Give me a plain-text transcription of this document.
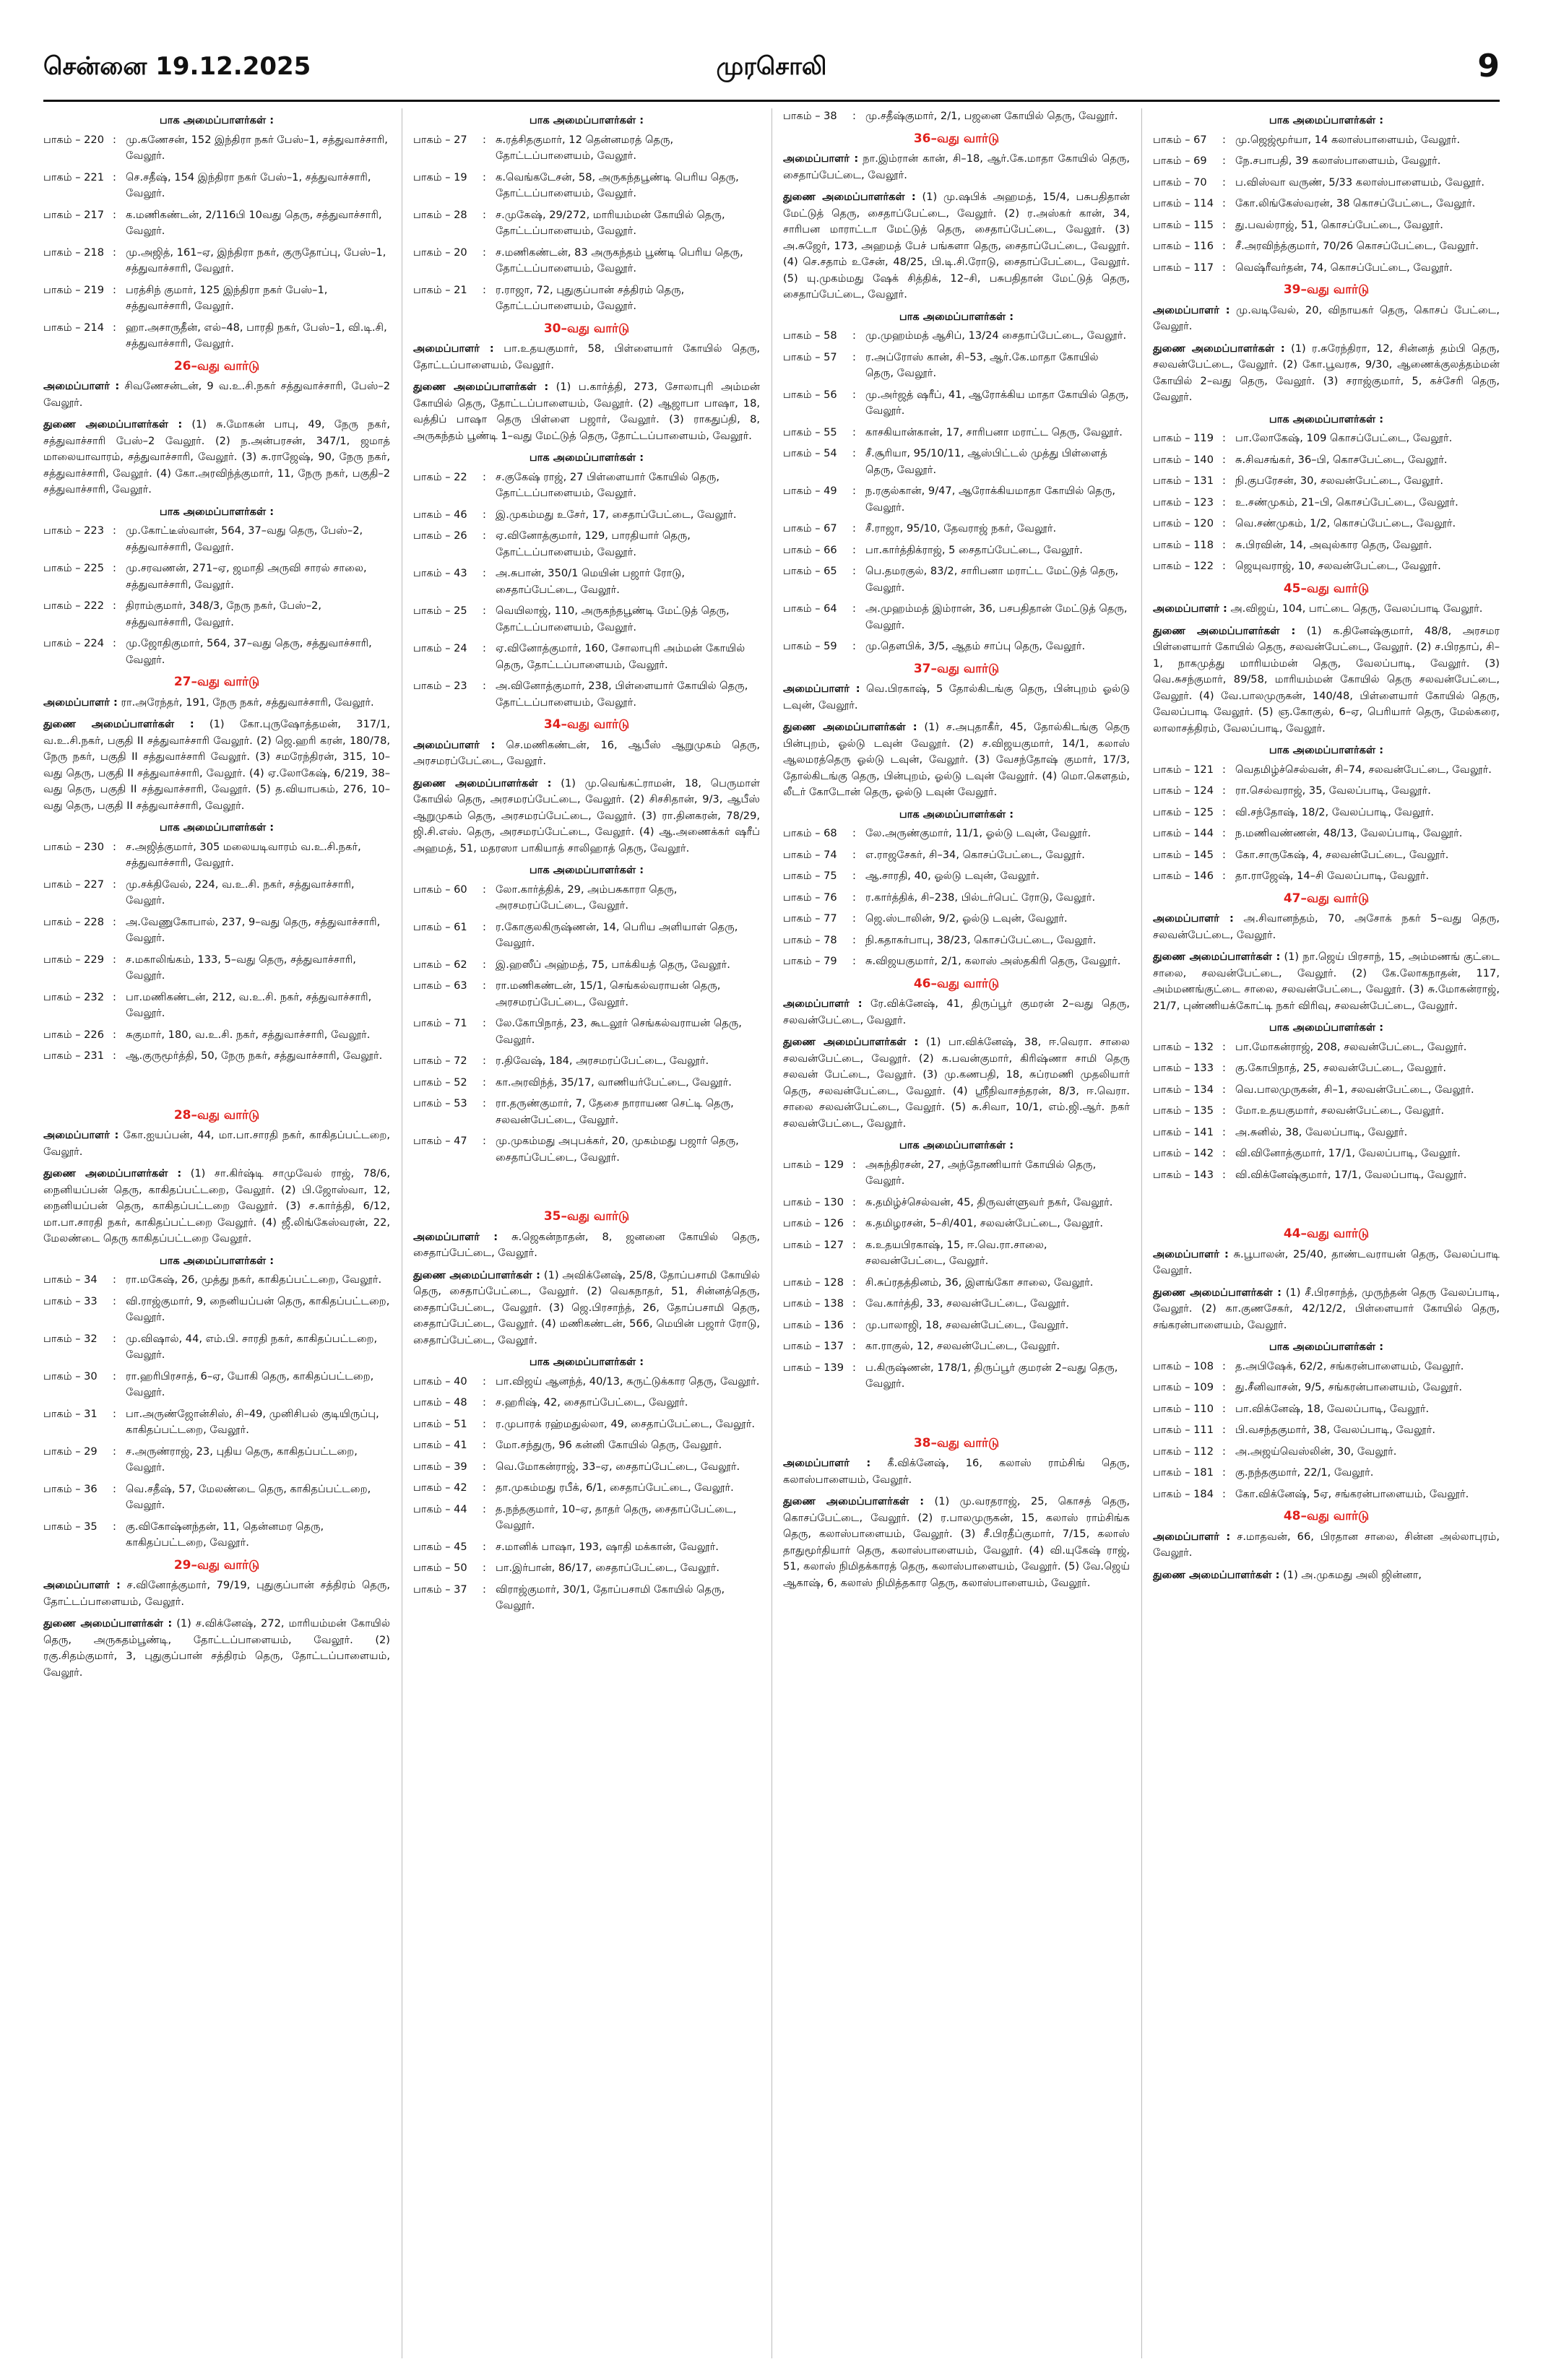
சென்னை 19.12.2025	முரசொலி	9
பாக அமைப்பாளர்கள் :
பாகம் – 220 : மு.கணேசன், 152 இந்திரா நகர் பேஸ்–1, சத்துவாச்சாரி, வேலூர்.
பாகம் – 221 : செ.சதீஷ், 154 இந்திரா நகர் பேஸ்–1, சத்துவாச்சாரி, வேலூர்.
பாகம் – 217 : க.மணிகண்டன், 2/116பி 10வது தெரு, சத்துவாச்சாரி, வேலூர்.
பாகம் – 218 : மு.அஜித், 161–ஏ, இந்திரா நகர், குருதோப்பு, பேஸ்–1, சத்துவாச்சாரி, வேலூர்.
பாகம் – 219 : பரத்சிந் குமார், 125 இந்திரா நகர் பேஸ்–1, சத்துவாச்சாரி, வேலூர்.
பாகம் – 214 : ஹா.அசாருதீன், எல்–48, பாரதி நகர், பேஸ்–1, வி.டி.சி, சத்துவாச்சாரி, வேலூர்.
26–வது வார்டு
அமைப்பாளர் : சிவணேசன்டன், 9 வ.உ.சி.நகர் சத்துவாச்சாரி, பேஸ்–2 வேலூர்.
துணை அமைப்பாளர்கள் : (1) சு.மோகன் பாபு, 49, நேரு நகர், சத்துவாச்சாரி பேஸ்–2 வேலூர். (2) ந.அன்பரசன், 347/1, ஜமாத் மாலையாவாரம், சத்துவாச்சாரி, வேலூர். (3) சு.ராஜேஷ், 90, நேரு நகர், சத்துவாச்சாரி, வேலூர். (4) கோ.அரவிந்த்குமார், 11, நேரு நகர், பகுதி–2 சத்துவாச்சாரி, வேலூர்.
பாக அமைப்பாளர்கள் :
பாகம் – 223 : மு.கோட்டீஸ்வான், 564, 37–வது தெரு, பேஸ்–2, சத்துவாச்சாரி, வேலூர்.
பாகம் – 225 : மு.சரவணன், 271–ஏ, ஜமாதி அருவி சாரல் சாலை, சத்துவாச்சாரி, வேலூர்.
பாகம் – 222 : திராம்குமார், 348/3, நேரு நகர், பேஸ்–2, சத்துவாச்சாரி, வேலூர்.
பாகம் – 224 : மு.ஜோதிகுமார், 564, 37–வது தெரு, சத்துவாச்சாரி, வேலூர்.
27–வது வார்டு
அமைப்பாளர் : ரா.அரேந்தர், 191, நேரு நகர், சத்துவாச்சாரி, வேலூர்.
துணை அமைப்பாளர்கள் : (1) கோ.புருஷோத்தமன், 317/1, வ.உ.சி.நகர், பகுதி II சத்துவாச்சாரி வேலூர். (2) ஜெ.ஹரி கரன், 180/78, நேரு நகர், பகுதி II சத்துவாச்சாரி வேலூர். (3) சமரேந்திரன், 315, 10–வது தெரு, பகுதி II சத்துவாச்சாரி, வேலூர். (4) ஏ.லோகேஷ், 6/219, 38–வது தெரு, பகுதி II சத்துவாச்சாரி, வேலூர். (5) த.வியாபகம், 276, 10–வது தெரு, பகுதி II சத்துவாச்சாரி, வேலூர்.
பாக அமைப்பாளர்கள் :
பாகம் – 230 : ச.அஜித்குமார், 305 மலையடிவாரம் வ.உ.சி.நகர், சத்துவாச்சாரி, வேலூர்.
பாகம் – 227 : மு.சக்திவேல், 224, வ.உ.சி. நகர், சத்துவாச்சாரி, வேலூர்.
பாகம் – 228 : அ.வேணுகோபால், 237, 9–வது தெரு, சத்துவாச்சாரி, வேலூர்.
பாகம் – 229 : ச.மகாலிங்கம், 133, 5–வது தெரு, சத்துவாச்சாரி, வேலூர்.
பாகம் – 232 : பா.மணிகண்டன், 212, வ.உ.சி. நகர், சத்துவாச்சாரி, வேலூர்.
பாகம் – 226 : சுகுமார், 180, வ.உ.சி. நகர், சத்துவாச்சாரி, வேலூர்.
பாகம் – 231 : ஆ.குருமூர்த்தி, 50, நேரு நகர், சத்துவாச்சாரி, வேலூர்.
28–வது வார்டு
அமைப்பாளர் : கோ.ஐயப்பன், 44, மா.பா.சாரதி நகர், காகிதப்பட்டறை, வேலூர்.
துணை அமைப்பாளர்கள் : (1) சா.கிர்ஷ்டி சாமுவேல் ராஜ், 78/6, நைனியப்பன் தெரு, காகிதப்பட்டறை, வேலூர். (2) பி.ஜோஸ்வா, 12, நைனியப்பன் தெரு, காகிதப்பட்டறை வேலூர். (3) ச.கார்த்தி, 6/12, மா.பா.சாரதி நகர், காகிதப்பட்டறை வேலூர். (4) ஜீ.லிங்கேஸ்வரன், 22, மேலண்டை தெரு காகிதப்பட்டறை வேலூர்.
பாக அமைப்பாளர்கள் :
பாகம் – 34	: ரா.மகேஷ், 26, முத்து நகர், காகிதப்பட்டறை, வேலூர்.
பாகம் – 33	: வி.ராஜ்குமார், 9, நைனியப்பன் தெரு, காகிதப்பட்டறை, வேலூர்.
பாகம் – 32	: மு.விஷால், 44, எம்.பி. சாரதி நகர், காகிதப்பட்டறை, வேலூர்.
பாகம் – 30	: ரா.ஹரிபிரசாத், 6–ஏ, யோகி தெரு, காகிதப்பட்டறை, வேலூர்.
பாகம் – 31	: பா.அருண்ஜோன்சிஸ், சி–49, முனிசிபல் குடியிருப்பு, காகிதப்பட்டறை, வேலூர்.
பாகம் – 29	: ச.அருண்ராஜ், 23, புதிய தெரு, காகிதப்பட்டறை, வேலூர்.
பாகம் – 36	: வெ.சதீஷ், 57, மேலண்டை தெரு, காகிதப்பட்டறை, வேலூர்.
பாகம் – 35	: கு.விகோஷ்னந்தன், 11, தென்னமர தெரு, காகிதப்பட்டறை, வேலூர்.
29–வது வார்டு
அமைப்பாளர் : ச.வினோத்குமார், 79/19, புதுகுப்பான் சத்திரம் தெரு, தோட்டப்பாளையம், வேலூர்.
துணை அமைப்பாளர்கள் : (1) ச.விக்னேஷ், 272, மாரியம்மன் கோயில் தெரு, அருகதம்பூண்டி, தோட்டப்பாளையம், வேலூர். (2) ரகு.சிதம்குமார், 3, புதுகுப்பான் சத்திரம் தெரு, தோட்டப்பாளையம், வேலூர்.
பாக அமைப்பாளர்கள் :
பாகம் – 27	: சு.ரத்சிதகுமார், 12 தென்னமரத் தெரு, தோட்டப்பாளையம், வேலூர்.
பாகம் – 19	: க.வெங்கடேசன், 58, அருகந்தபூண்டி பெரிய தெரு, தோட்டப்பாளையம், வேலூர்.
பாகம் – 28	: ச.முகேஷ், 29/272, மாரியம்மன் கோயில் தெரு, தோட்டப்பாளையம், வேலூர்.
பாகம் – 20	: ச.மணிகண்டன், 83 அருகந்தம் பூண்டி பெரிய தெரு, தோட்டப்பாளையம், வேலூர்.
பாகம் – 21	: ர.ராஜா, 72, புதுகுப்பான் சத்திரம் தெரு, தோட்டப்பாளையம், வேலூர்.
30–வது வார்டு
அமைப்பாளர் : பா.உதயகுமார், 58, பிள்ளையார் கோயில் தெரு, தோட்டப்பாளையம், வேலூர்.
துணை அமைப்பாளர்கள் : (1) ப.கார்த்தி, 273, சோலாபுரி அம்மன் கோயில் தெரு, தோட்டப்பாளையம், வேலூர். (2) ஆஜாபா பாஷா, 18, வத்திப் பாஷா தெரு பிள்ளை பஜார், வேலூர். (3) ராகதுப்தி, 8, அருகந்தம் பூண்டி 1–வது மேட்டுத் தெரு, தோட்டப்பாளையம், வேலூர்.
பாக அமைப்பாளர்கள் :
பாகம் – 22	: ச.குகேஷ் ராஜ், 27 பிள்ளையார் கோயில் தெரு, தோட்டப்பாளையம், வேலூர்.
பாகம் – 46	: இ.முகம்மது உசேர், 17, சைதாப்பேட்டை, வேலூர்.
பாகம் – 26	: ஏ.வினோத்குமார், 129, பாரதியார் தெரு, தோட்டப்பாளையம், வேலூர்.
பாகம் – 43	: அ.சுபான், 350/1 மெயின் பஜார் ரோடு, சைதாப்பேட்டை, வேலூர்.
பாகம் – 25	: வெயிலாஜ், 110, அருகந்தபூண்டி மேட்டுத் தெரு, தோட்டப்பாளையம், வேலூர்.
பாகம் – 24	: ஏ.வினோத்குமார், 160, சோலாபுரி அம்மன் கோயில் தெரு, தோட்டப்பாளையம், வேலூர்.
பாகம் – 23	: அ.வினோத்குமார், 238, பிள்ளையார் கோயில் தெரு, தோட்டப்பாளையம், வேலூர்.
34–வது வார்டு
அமைப்பாளர் : செ.மணிகண்டன், 16, ஆபீஸ் ஆறுமுகம் தெரு, அரசமரப்பேட்டை, வேலூர்.
துணை அமைப்பாளர்கள் : (1) மு.வெங்கட்ராமன், 18, பெருமாள் கோயில் தெரு, அரசமரப்பேட்டை, வேலூர். (2) சிசசிதான், 9/3, ஆபீஸ் ஆறுமுகம் தெரு, அரசமரப்பேட்டை, வேலூர். (3) ரா.தினகரன், 78/29, ஜி.சி.எஸ். தெரு, அரசமரப்பேட்டை, வேலூர். (4) ஆ.அணைக்கர் ஷரீப் அஹமத், 51, மதரஸா பாகியாத் சாலிஹாத் தெரு, வேலூர்.
பாக அமைப்பாளர்கள் :
பாகம் – 60	: லோ.கார்த்திக், 29, அம்பசுகாரா தெரு, அரசமரப்பேட்டை, வேலூர்.
பாகம் – 61	: ர.கோகுலகிருஷ்ணன், 14, பெரிய அளியாள் தெரு, வேலூர்.
பாகம் – 62	: இ.ஹஸீப் அஹ்மத், 75, பாக்கியத் தெரு, வேலூர்.
பாகம் – 63	: ரா.மணிகண்டன், 15/1, செங்கல்வராயன் தெரு, அரசமரப்பேட்டை, வேலூர்.
பாகம் – 71	: லே.கோபிநாத், 23, கூடலூர் செங்கல்வராயன் தெரு, வேலூர்.
பாகம் – 72	: ர.திவேஷ், 184, அரசமரப்பேட்டை, வேலூர்.
பாகம் – 52	: கா.அரவிந்த், 35/17, வாணியர்பேட்டை, வேலூர்.
பாகம் – 53	: ரா.தருண்குமார், 7, தேசை நாராயண செட்டி தெரு, சலவன்பேட்டை, வேலூர்.
பாகம் – 47	: மு.முகம்மது அபுபக்கர், 20, முகம்மது பஜார் தெரு, சைதாப்பேட்டை, வேலூர்.
35–வது வார்டு
அமைப்பாளர் : சு.ஜெகன்நாதன், 8, ஜனனை கோயில் தெரு, சைதாப்பேட்டை, வேலூர்.
துணை அமைப்பாளர்கள் : (1) அவிக்னேஷ், 25/8, தோப்பசாமி கோயில் தெரு, சைதாப்பேட்டை, வேலூர். (2) வெகநாதர், 51, சின்னத்தெரு, சைதாப்பேட்டை, வேலூர். (3) ஜெ.பிரசாந்த், 26, தோப்பசாமி தெரு, சைதாப்பேட்டை, வேலூர். (4) மணிகண்டன், 566, மெயின் பஜார் ரோடு, சைதாப்பேட்டை, வேலூர்.
பாக அமைப்பாளர்கள் :
பாகம் – 40	: பா.விஜய் ஆனந்த், 40/13, சுருட்டுக்கார தெரு, வேலூர்.
பாகம் – 48	: ச.ஹரிஷ், 42, சைதாப்பேட்டை, வேலூர்.
பாகம் – 51	: ர.முபாரக் ரஹ்மதுல்லா, 49, சைதாப்பேட்டை, வேலூர்.
பாகம் – 41	: மோ.சந்துரு, 96 கன்னி கோயில் தெரு, வேலூர்.
பாகம் – 39	: வெ.மோகன்ராஜ், 33–ஏ, சைதாப்பேட்டை, வேலூர்.
பாகம் – 42	: தா.முகம்மது ரபீக், 6/1, சைதாப்பேட்டை, வேலூர்.
பாகம் – 44	: த.நந்தகுமார், 10–ஏ, தாதர் தெரு, சைதாப்பேட்டை, வேலூர்.
பாகம் – 45	: ச.மானிக் பாஷா, 193, ஷாதி மக்கான், வேலூர்.
பாகம் – 50	: பா.இர்பான், 86/17, சைதாப்பேட்டை, வேலூர்.
பாகம் – 37	: விராஜ்குமார், 30/1, தோப்பசாமி கோயில் தெரு, வேலூர்.
பாகம் – 38	: மு.சதீஷ்குமார், 2/1, பஜனை கோயில் தெரு, வேலூர்.
36–வது வார்டு
அமைப்பாளர் : நா.இம்ரான் கான், சி–18, ஆர்.கே.மாதா கோயில் தெரு, சைதாப்பேட்டை, வேலூர்.
துணை அமைப்பாளர்கள் : (1) மு.ஷபிக் அஹமத், 15/4, பசுபதிதான் மேட்டுத் தெரு, சைதாப்பேட்டை, வேலூர். (2) ர.அஸ்கர் கான், 34, சாரிபன மாராட்டா மேட்டுத் தெரு, சைதாப்பேட்டை, வேலூர். (3) அ.சுஜேர், 173, அஹமத் பேச் பங்களா தெரு, சைதாப்பேட்டை, வேலூர். (4) செ.சதாம் உசேன், 48/25, பி.டி.சி.ரோடு, சைதாப்பேட்டை, வேலூர். (5) யு.முகம்மது ஷேக் சித்திக், 12–சி, பசுபதிதான் மேட்டுத் தெரு, சைதாப்பேட்டை, வேலூர்.
பாக அமைப்பாளர்கள் :
பாகம் – 58	: மு.முஹம்மத் ஆசிப், 13/24 சைதாப்பேட்டை, வேலூர்.
பாகம் – 57	: ர.அப்ரோஸ் கான், சி–53, ஆர்.கே.மாதா கோயில் தெரு, வேலூர்.
பாகம் – 56	: மு.அர்ஜத் ஷரீப், 41, ஆரோக்கிய மாதா கோயில் தெரு, வேலூர்.
பாகம் – 55	: காசகியான்கான், 17, சாரிபனா மராட்ட தெரு, வேலூர்.
பாகம் – 54	: சீ.சூரியா, 95/10/11, ஆஸ்பிட்டல் முத்து பிள்ளைத் தெரு, வேலூர்.
பாகம் – 49	: ந.ரகுல்கான், 9/47, ஆரோக்கியமாதா கோயில் தெரு, வேலூர்.
பாகம் – 67	: சீ.ராஜா, 95/10, தேவராஜ் நகர், வேலூர்.
பாகம் – 66	: பா.கார்த்திக்ராஜ், 5 சைதாப்பேட்டை, வேலூர்.
பாகம் – 65	: பெ.தமரகுல், 83/2, சாரிபனா மராட்ட மேட்டுத் தெரு, வேலூர்.
பாகம் – 64	: அ.முஹம்மத் இம்ரான், 36, பசபதிதான் மேட்டுத் தெரு, வேலூர்.
பாகம் – 59	: மு.தௌபிக், 3/5, ஆதம் சாப்பு தெரு, வேலூர்.
37–வது வார்டு
அமைப்பாளர் : வெ.பிரகாஷ், 5 தோல்கிடங்கு தெரு, பின்புறம் ஓல்டு டவுன், வேலூர்.
துணை அமைப்பாளர்கள் : (1) ச.அபுதாகீர், 45, தோல்கிடங்கு தெரு பின்புறம், ஓல்டு டவுன் வேலூர். (2) ச.விஜயகுமார், 14/1, கலாஸ் ஆலமரத்தெரு ஓல்டு டவுன், வேலூர். (3) வேசந்தோஷ் குமார், 17/3, தோல்கிடங்கு தெரு, பின்புறம், ஓல்டு டவுன் வேலூர். (4) மொ.கௌதம், லீடர் கோடோன் தெரு, ஓல்டு டவுன் வேலூர்.
பாக அமைப்பாளர்கள் :
பாகம் – 68	: லே.அருண்குமார், 11/1, ஓல்டு டவுன், வேலூர்.
பாகம் – 74	: எ.ராஜசேகர், சி–34, கொசப்பேட்டை, வேலூர்.
பாகம் – 75	: ஆ.சாரதி, 40, ஓல்டு டவுன், வேலூர்.
பாகம் – 76	: ர.கார்த்திக், சி–238, பில்டர்பெட் ரோடு, வேலூர்.
பாகம் – 77	: ஜெ.ஸ்டாலின், 9/2, ஓல்டு டவுன், வேலூர்.
பாகம் – 78	: நி.கதாகர்பாபு, 38/23, கொசப்பேட்டை, வேலூர்.
பாகம் – 79	: சு.விஜயகுமார், 2/1, கலாஸ் அஸ்தகிரி தெரு, வேலூர்.
46–வது வார்டு
அமைப்பாளர் : ரே.விக்னேஷ், 41, திருப்பூர் குமரன் 2–வது தெரு, சலவன்பேட்டை, வேலூர்.
துணை அமைப்பாளர்கள் : (1) பா.விக்னேஷ், 38, ஈ.வெரா. சாலை சலவன்பேட்டை, வேலூர். (2) க.பவன்குமார், கிரிஷ்ணா சாமி தெரு சலவன் பேட்டை, வேலூர். (3) மு.கணபதி, 18, சுப்ரமணி முதலியார் தெரு, சலவன்பேட்டை, வேலூர். (4) ஸ்ரீநிவாசந்தரன், 8/3, ஈ.வெரா. சாலை சலவன்பேட்டை, வேலூர். (5) சு.சிவா, 10/1, எம்.ஜி.ஆர். நகர் சலவன்பேட்டை, வேலூர்.
பாக அமைப்பாளர்கள் :
பாகம் – 129 : அசுந்திரசன், 27, அந்தோணியார் கோயில் தெரு, வேலூர்.
பாகம் – 130 : சு.தமிழ்ச்செல்வன், 45, திருவள்ளுவர் நகர், வேலூர்.
பாகம் – 126 : க.தமிழரசன், 5–சி/401, சலவன்பேட்டை, வேலூர்.
பாகம் – 127 : க.உதயபிரகாஷ், 15, ஈ.வெ.ரா.சாலை, சலவன்பேட்டை, வேலூர்.
பாகம் – 128 : சி.சுப்ரதத்தினம், 36, இளங்கோ சாலை, வேலூர்.
பாகம் – 138 : வே.கார்த்தி, 33, சலவன்பேட்டை, வேலூர்.
பாகம் – 136 : மு.பாலாஜி, 18, சலவன்பேட்டை, வேலூர்.
பாகம் – 137 : கா.ராகுல், 12, சலவன்பேட்டை, வேலூர்.
பாகம் – 139 : ப.கிருஷ்ணன், 178/1, திருப்பூர் குமரன் 2–வது தெரு, வேலூர்.
38–வது வார்டு
அமைப்பாளர் : கீ.விக்னேஷ், 16, கலாஸ் ராம்சிங் தெரு, கலாஸ்பாளையம், வேலூர்.
துணை அமைப்பாளர்கள் : (1) மு.வரதராஜ், 25, கொசத் தெரு, கொசப்பேட்டை, வேலூர். (2) ர.பாலமுருகன், 15, கலாஸ் ராம்சிங்க தெரு, கலாஸ்பாளையம், வேலூர். (3) சீ.பிரதீப்குமார், 7/15, கலாஸ் தாதுமூர்தியார் தெரு, கலாஸ்பாளையம், வேலூர். (4) வி.யுகேஷ் ராஜ், 51, கலாஸ் நிமிதக்காரத் தெரு, கலாஸ்பாளையம், வேலூர். (5) வே.ஜெய் ஆகாஷ், 6, கலாஸ் நிமித்தகார தெரு, கலாஸ்பாளையம், வேலூர்.
பாக அமைப்பாளர்கள் :
பாகம் – 67	: மு.ஜெஜ்மூர்யா, 14 கலாஸ்பாளையம், வேலூர்.
பாகம் – 69	: நே.சபாபதி, 39 கலாஸ்பாளையம், வேலூர்.
பாகம் – 70	: ப.விஸ்வா வருண், 5/33 கலாஸ்பாளையம், வேலூர்.
பாகம் – 114 : கோ.லிங்கேஸ்வரன், 38 கொசப்பேட்டை, வேலூர்.
பாகம் – 115 : து.பவல்ராஜ், 51, கொசப்பேட்டை, வேலூர்.
பாகம் – 116 : சீ.அரவிந்த்குமார், 70/26 கொசப்பேட்டை, வேலூர்.
பாகம் – 117 : வெஷ்ரீவர்தன், 74, கொசப்பேட்டை, வேலூர்.
39–வது வார்டு
அமைப்பாளர் : மு.வடிவேல், 20, விநாயகர் தெரு, கொசப் பேட்டை, வேலூர்.
துணை அமைப்பாளர்கள் : (1) ர.சுரேந்திரா, 12, சின்னத் தம்பி தெரு, சலவன்பேட்டை, வேலூர். (2) கோ.பூவரசு, 9/30, ஆணைக்குலத்தம்மன் கோயில் 2–வது தெரு, வேலூர். (3) சராஜ்குமார், 5, கச்சேரி தெரு, வேலூர்.
பாக அமைப்பாளர்கள் :
பாகம் – 119 : பா.லோகேஷ், 109 கொசப்பேட்டை, வேலூர்.
பாகம் – 140 : சு.சிவசங்கர், 36–பி, கொசபேட்டை, வேலூர்.
பாகம் – 131 : நி.குபரேசன், 30, சலவன்பேட்டை, வேலூர்.
பாகம் – 123 : உ.சண்முகம், 21–பி, கொசப்பேட்டை, வேலூர்.
பாகம் – 120 : வெ.சண்முகம், 1/2, கொசப்பேட்டை, வேலூர்.
பாகம் – 118 : சு.பிரவின், 14, அவுல்கார தெரு, வேலூர்.
பாகம் – 122 : ஜெயுவராஜ், 10, சலவன்பேட்டை, வேலூர்.
45–வது வார்டு
அமைப்பாளர் : அ.விஜய், 104, பாட்டை தெரு, வேலப்பாடி வேலூர்.
துணை அமைப்பாளர்கள் : (1) க.தினேஷ்குமார், 48/8, அரசமர பிள்ளையார் கோயில் தெரு, சலவன்பேட்டை, வேலூர். (2) ச.பிரதாப், சி–1, நாகமுத்து மாரியம்மன் தெரு, வேலப்பாடி, வேலூர். (3) வெ.சுசந்குமார், 89/58, மாரியம்மன் கோயில் தெரு சலவன்பேட்டை, வேலூர். (4) வே.பாலமுருகன், 140/48, பிள்ளையார் கோயில் தெரு, வேலப்பாடி வேலூர். (5) ஞ.கோகுல், 6–ஏ, பெரியார் தெரு, மேல்கரை, லாலாசத்திரம், வேலப்பாடி, வேலூர்.
பாக அமைப்பாளர்கள் :
பாகம் – 121 : வெதமிழ்ச்செல்வன், சி–74, சலவன்பேட்டை, வேலூர்.
பாகம் – 124 : ரா.செல்வராஜ், 35, வேலப்பாடி, வேலூர்.
பாகம் – 125 : வி.சந்தோஷ், 18/2, வேலப்பாடி, வேலூர்.
பாகம் – 144 : ந.மணிவண்ணன், 48/13, வேலப்பாடி, வேலூர்.
பாகம் – 145 : கோ.சாருகேஷ், 4, சலவன்பேட்டை, வேலூர்.
பாகம் – 146 : தா.ராஜேஷ், 14–சி வேலப்பாடி, வேலூர்.
47–வது வார்டு
அமைப்பாளர் : அ.சிவானந்தம், 70, அசோக் நகர் 5–வது தெரு, சலவன்பேட்டை, வேலூர்.
துணை அமைப்பாளர்கள் : (1) நா.ஜெய் பிரசாந், 15, அம்மணங் குட்டை சாலை, சலவன்பேட்டை, வேலூர். (2) கே.லோகநாதன், 117, அம்மணங்குட்டை சாலை, சலவன்பேட்டை, வேலூர். (3) சு.மோகன்ராஜ், 21/7, புண்ணியக்கோட்டி நகர் விரிவு, சலவன்பேட்டை, வேலூர்.
பாக அமைப்பாளர்கள் :
பாகம் – 132 : பா.மோகன்ராஜ், 208, சலவன்பேட்டை, வேலூர்.
பாகம் – 133 : கு.கோபிநாத், 25, சலவன்பேட்டை, வேலூர்.
பாகம் – 134 : வெ.பாலமுருகன், சி–1, சலவன்பேட்டை, வேலூர்.
பாகம் – 135 : மோ.உதயகுமார், சலவன்பேட்டை, வேலூர்.
பாகம் – 141 : அ.சுனில், 38, வேலப்பாடி, வேலூர்.
பாகம் – 142 : வி.வினோத்குமார், 17/1, வேலப்பாடி, வேலூர்.
பாகம் – 143 : வி.விக்னேஷ்குமார், 17/1, வேலப்பாடி, வேலூர்.
44–வது வார்டு
அமைப்பாளர் : சு.பூபாலன், 25/40, தாண்டவராயன் தெரு, வேலப்பாடி வேலூர்.
துணை அமைப்பாளர்கள் : (1) சீ.பிரசாந்த், முருந்தன் தெரு வேலப்பாடி, வேலூர். (2) கா.குணசேகர், 42/12/2, பிள்ளையார் கோயில் தெரு, சங்கரன்பாளையம், வேலூர்.
பாக அமைப்பாளர்கள் :
பாகம் – 108 : த.அபிஷேக், 62/2, சங்கரன்பாளையம், வேலூர்.
பாகம் – 109 : து.சீனிவாசன், 9/5, சங்கரன்பாளையம், வேலூர்.
பாகம் – 110 : பா.விக்னேஷ், 18, வேலப்பாடி, வேலூர்.
பாகம் – 111 : பி.வசந்தகுமார், 38, வேலப்பாடி, வேலூர்.
பாகம் – 112 : அ.அஜய்வெஸ்லின், 30, வேலூர்.
பாகம் – 181 : கு.நந்தகுமார், 22/1, வேலூர்.
பாகம் – 184 : கோ.விக்னேஷ், 5ஏ, சங்கரன்பாளையம், வேலூர்.
48–வது வார்டு
அமைப்பாளர் : ச.மாதவன், 66, பிரதான சாலை, சின்ன அல்லாபுரம், வேலூர்.
துணை அமைப்பாளர்கள் : (1) அ.முகமது அலி ஜின்னா,
